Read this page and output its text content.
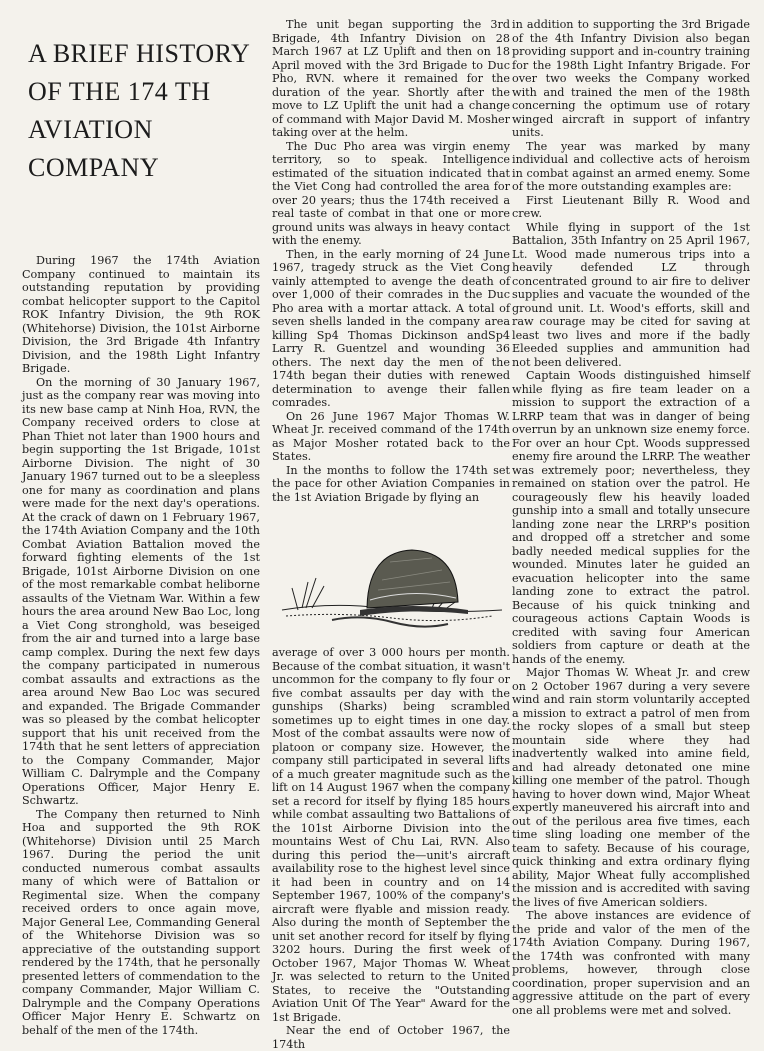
A BRIEF HISTORY
OF THE 174 TH
AVIATION
COMPANY

During 1967 the 174th Aviation Company continued to maintain its outstanding reputation by providing combat helicopter support to the Capitol ROK Infantry Division, the 9th ROK (Whitehorse) Division, the 101st Airborne Division, the 3rd Brigade 4th Infantry Division, and the 198th Light Infantry Brigade.

On the morning of 30 January 1967, just as the company rear was moving into its new base camp at Ninh Hoa, RVN, the Company received orders to close at Phan Thiet not later than 1900 hours and begin supporting the 1st Brigade, 101st Airborne Division. The night of 30 January 1967 turned out to be a sleepless one for many as coordination and plans were made for the next day's operations. At the crack of dawn on 1 February 1967, the 174th Aviation Company and the 10th Combat Aviation Battalion moved the forward fighting elements of the 1st Brigade, 101st Airborne Division on one of the most remarkable combat heliborne assaults of the Vietnam War. Within a few hours the area around New Bao Loc, long a Viet Cong stronghold, was beseiged from the air and turned into a large base camp complex. During the next few days the company participated in numerous combat assaults and extractions as the area around New Bao Loc was secured and expanded. The Brigade Commander was so pleased by the combat helicopter support that his unit received from the 174th that he sent letters of appreciation to the Company Commander, Major William C. Dalrymple and the Company Operations Officer, Major Henry E. Schwartz.

The Company then returned to Ninh Hoa and supported the 9th ROK (Whitehorse) Division until 25 March 1967. During the period the unit conducted numerous combat assaults many of which were of Battalion or Regimental size. When the company received orders to once again move, Major General Lee, Commanding General of the Whitehorse Division was so appreciative of the outstanding support rendered by the 174th, that he personally presented letters of commendation to the company Commander, Major William C. Dalrymple and the Company Operations Officer Major Henry E. Schwartz on behalf of the men of the 174th.

The unit began supporting the 3rd Brigade, 4th Infantry Division on 28 March 1967 at LZ Uplift and then on 18 April moved with the 3rd Brigade to Duc Pho, RVN. where it remained for the duration of the year. Shortly after the move to LZ Uplift the unit had a change of command with Major David M. Mosher taking over at the helm.

The Duc Pho area was virgin enemy territory, so to speak. Intelligence estimated of the situation indicated that the Viet Cong had controlled the area for over 20 years; thus the 174th received a real taste of combat in that one or more ground units was always in heavy contact with the enemy.

Then, in the early morning of 24 June 1967, tragedy struck as the Viet Cong vainly attempted to avenge the death of over 1,000 of their comrades in the Duc Pho area with a mortar attack. A total of seven shells landed in the company area killing Sp4 Thomas Dickinson andSp4 Larry R. Guentzel and wounding 36 others. The next day the men of the 174th began their duties with renewed determination to avenge their fallen comrades.

On 26 June 1967 Major Thomas W. Wheat Jr. received command of the 174th as Major Mosher rotated back to the States.

In the months to follow the 174th set the pace for other Aviation Companies in the 1st Aviation Brigade by flying an

average of over 3 000 hours per month. Because of the combat situation, it wasn't uncommon for the company to fly four or five combat assaults per day with the gunships (Sharks) being scrambled sometimes up to eight times in one day. Most of the combat assaults were now of platoon or company size. However, the company still participated in several lifts of a much greater magnitude such as the lift on 14 August 1967 when the company set a record for itself by flying 185 hours while combat assaulting two Battalions of the 101st Airborne Division into the mountains West of Chu Lai, RVN. Also during this period the—unit's aircraft availability rose to the highest level since it had been in country and on 14 September 1967, 100% of the company's aircraft were flyable and mission ready. Also during the month of September the unit set another record for itself by flying 3202 hours. During the first week of October 1967, Major Thomas W. Wheat Jr. was selected to return to the United States, to receive the "Outstanding Aviation Unit Of The Year" Award for the 1st Brigade.

Near the end of October 1967, the 174th

in addition to supporting the 3rd Brigade of the 4th Infantry Division also began providing support and in-country training for the 198th Light Infantry Brigade. For over two weeks the Company worked with and trained the men of the 198th concerning the optimum use of rotary winged aircraft in support of infantry units.

The year was marked by many individual and collective acts of heroism in combat against an armed enemy. Some of the more outstanding examples are:

First Lieutenant Billy R. Wood and crew.

While flying in support of the 1st Battalion, 35th Infantry on 25 April 1967, Lt. Wood made numerous trips into a heavily defended LZ through concentrated ground to air fire to deliver supplies and vacuate the wounded of the ground unit. Lt. Wood's efforts, skill and raw courage may be cited for saving at least two lives and more if the badly Eleeded supplies and ammunition had not been delivered.

Captain Woods distinguished himself while flying as fire team leader on a mission to support the extraction of a LRRP team that was in danger of being overrun by an unknown size enemy force. For over an hour Cpt. Woods suppressed enemy fire around the LRRP. The weather was extremely poor; nevertheless, they remained on station over the patrol. He courageously flew his heavily loaded gunship into a small and totally unsecure landing zone near the LRRP's position and dropped off a stretcher and some badly needed medical supplies for the wounded. Minutes later he guided an evacuation helicopter into the same landing zone to extract the patrol. Because of his quick tninking and courageous actions Captain Woods is credited with saving four American soldiers from capture or death at the hands of the enemy.

Major Thomas W. Wheat Jr. and crew on 2 October 1967 during a very severe wind and rain storm voluntarily accepted a mission to extract a patrol of men from the rocky slopes of a small but steep mountain side where they had inadvertently walked into amine field, and had already detonated one mine killing one member of the patrol. Though having to hover down wind, Major Wheat expertly maneuvered his aircraft into and out of the perilous area five times, each time sling loading one member of the team to safety. Because of his courage, quick thinking and extra ordinary flying ability, Major Wheat fully accomplished the mission and is accredited with saving the lives of five American soldiers.

The above instances are evidence of the pride and valor of the men of the 174th Aviation Company. During 1967, the 174th was confronted with many problems, however, through close coordination, proper supervision and an aggressive attitude on the part of every one all problems were met and solved.
